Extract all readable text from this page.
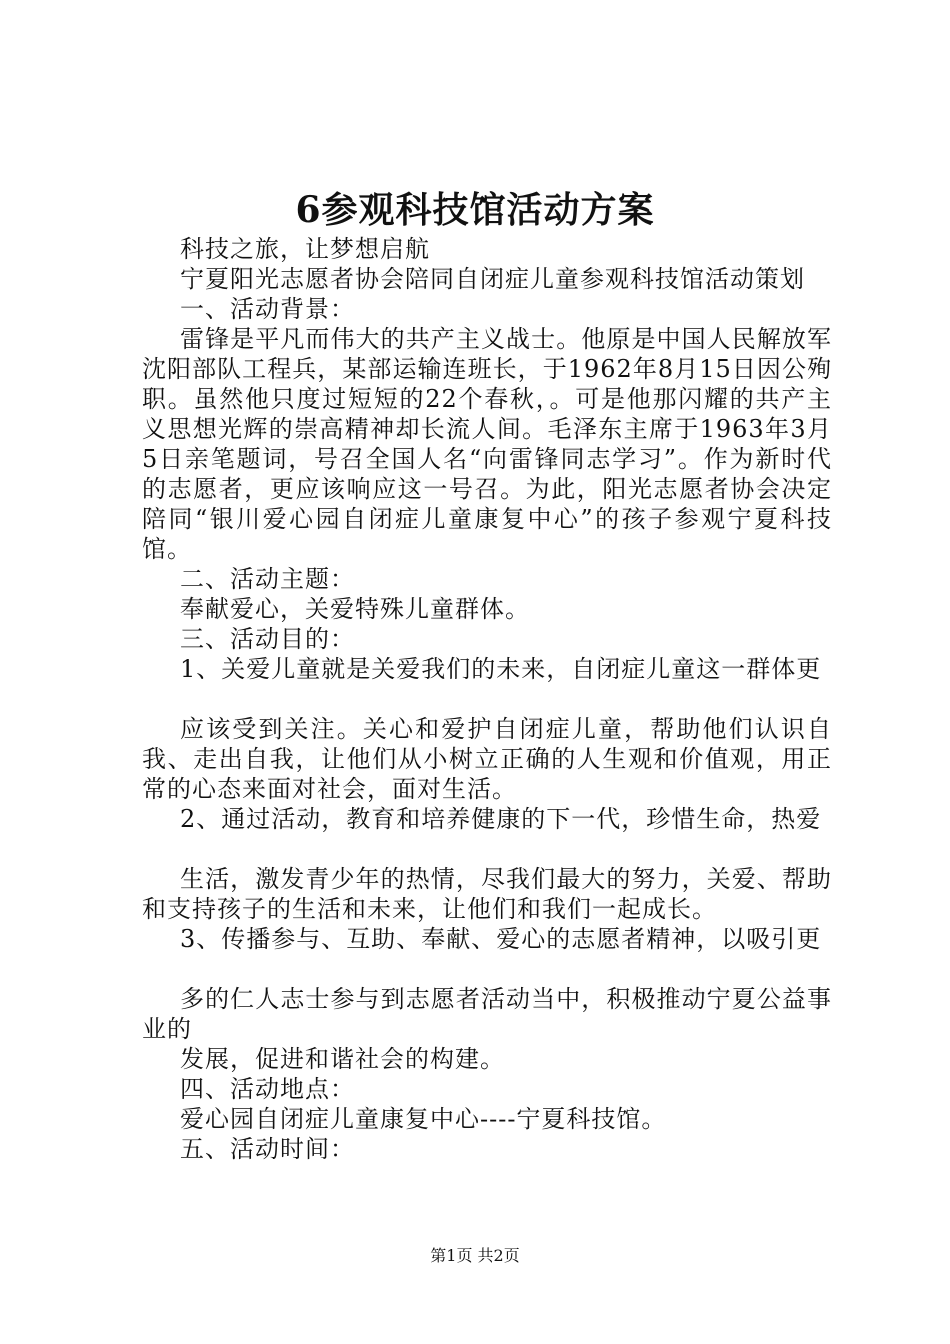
6参观科技馆活动方案

科技之旅，让梦想启航

宁夏阳光志愿者协会陪同自闭症儿童参观科技馆活动策划

一、活动背景：

雷锋是平凡而伟大的共产主义战士。他原是中国人民解放军沈阳部队工程兵，某部运输连班长，于1962年8月15日因公殉职。虽然他只度过短短的22个春秋，。可是他那闪耀的共产主义思想光辉的崇高精神却长流人间。毛泽东主席于1963年3月5日亲笔题词，号召全国人名“向雷锋同志学习”。作为新时代的志愿者，更应该响应这一号召。为此，阳光志愿者协会决定陪同“银川爱心园自闭症儿童康复中心”的孩子参观宁夏科技馆。

二、活动主题：

奉献爱心，关爱特殊儿童群体。

三、活动目的：

1、关爱儿童就是关爱我们的未来，自闭症儿童这一群体更

应该受到关注。关心和爱护自闭症儿童，帮助他们认识自我、走出自我，让他们从小树立正确的人生观和价值观，用正常的心态来面对社会，面对生活。

2、通过活动，教育和培养健康的下一代，珍惜生命，热爱

生活，激发青少年的热情，尽我们最大的努力，关爱、帮助和支持孩子的生活和未来，让他们和我们一起成长。

3、传播参与、互助、奉献、爱心的志愿者精神，以吸引更

多的仁人志士参与到志愿者活动当中，积极推动宁夏公益事业的

发展，促进和谐社会的构建。

四、活动地点：

爱心园自闭症儿童康复中心----宁夏科技馆。

五、活动时间：

第1页 共2页
